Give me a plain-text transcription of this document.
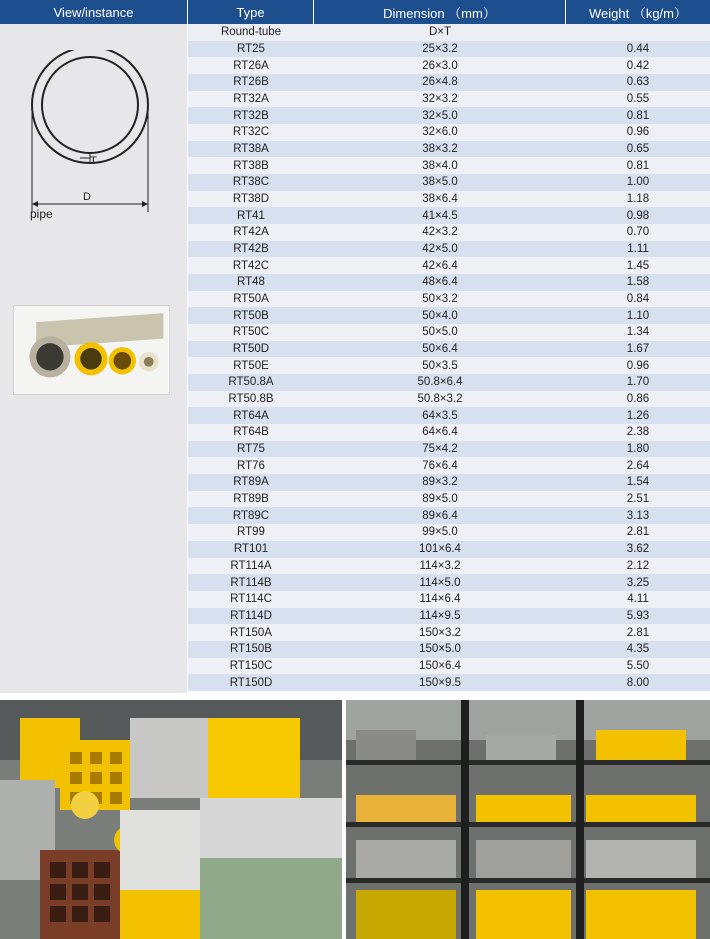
View/instance	Type	Dimension （mm）	Weight （kg/m）
T
D
pipe
Round-tube	D×T
RT25	25×3.2	0.44
RT26A	26×3.0	0.42
RT26B	26×4.8	0.63
RT32A	32×3.2	0.55
RT32B	32×5.0	0.81
RT32C	32×6.0	0.96
RT38A	38×3.2	0.65
RT38B	38×4.0	0.81
RT38C	38×5.0	1.00
RT38D	38×6.4	1.18
RT41	41×4.5	0.98
RT42A	42×3.2	0.70
RT42B	42×5.0	1.11
RT42C	42×6.4	1.45
RT48	48×6.4	1.58
RT50A	50×3.2	0.84
RT50B	50×4.0	1.10
RT50C	50×5.0	1.34
RT50D	50×6.4	1.67
RT50E	50×3.5	0.96
RT50.8A	50.8×6.4	1.70
RT50.8B	50.8×3.2	0.86
RT64A	64×3.5	1.26
RT64B	64×6.4	2.38
RT75	75×4.2	1.80
RT76	76×6.4	2.64
RT89A	89×3.2	1.54
RT89B	89×5.0	2.51
RT89C	89×6.4	3.13
RT99	99×5.0	2.81
RT101	101×6.4	3.62
RT114A	114×3.2	2.12
RT114B	114×5.0	3.25
RT114C	114×6.4	4.11
RT114D	114×9.5	5.93
RT150A	150×3.2	2.81
RT150B	150×5.0	4.35
RT150C	150×6.4	5.50
RT150D	150×9.5	8.00
